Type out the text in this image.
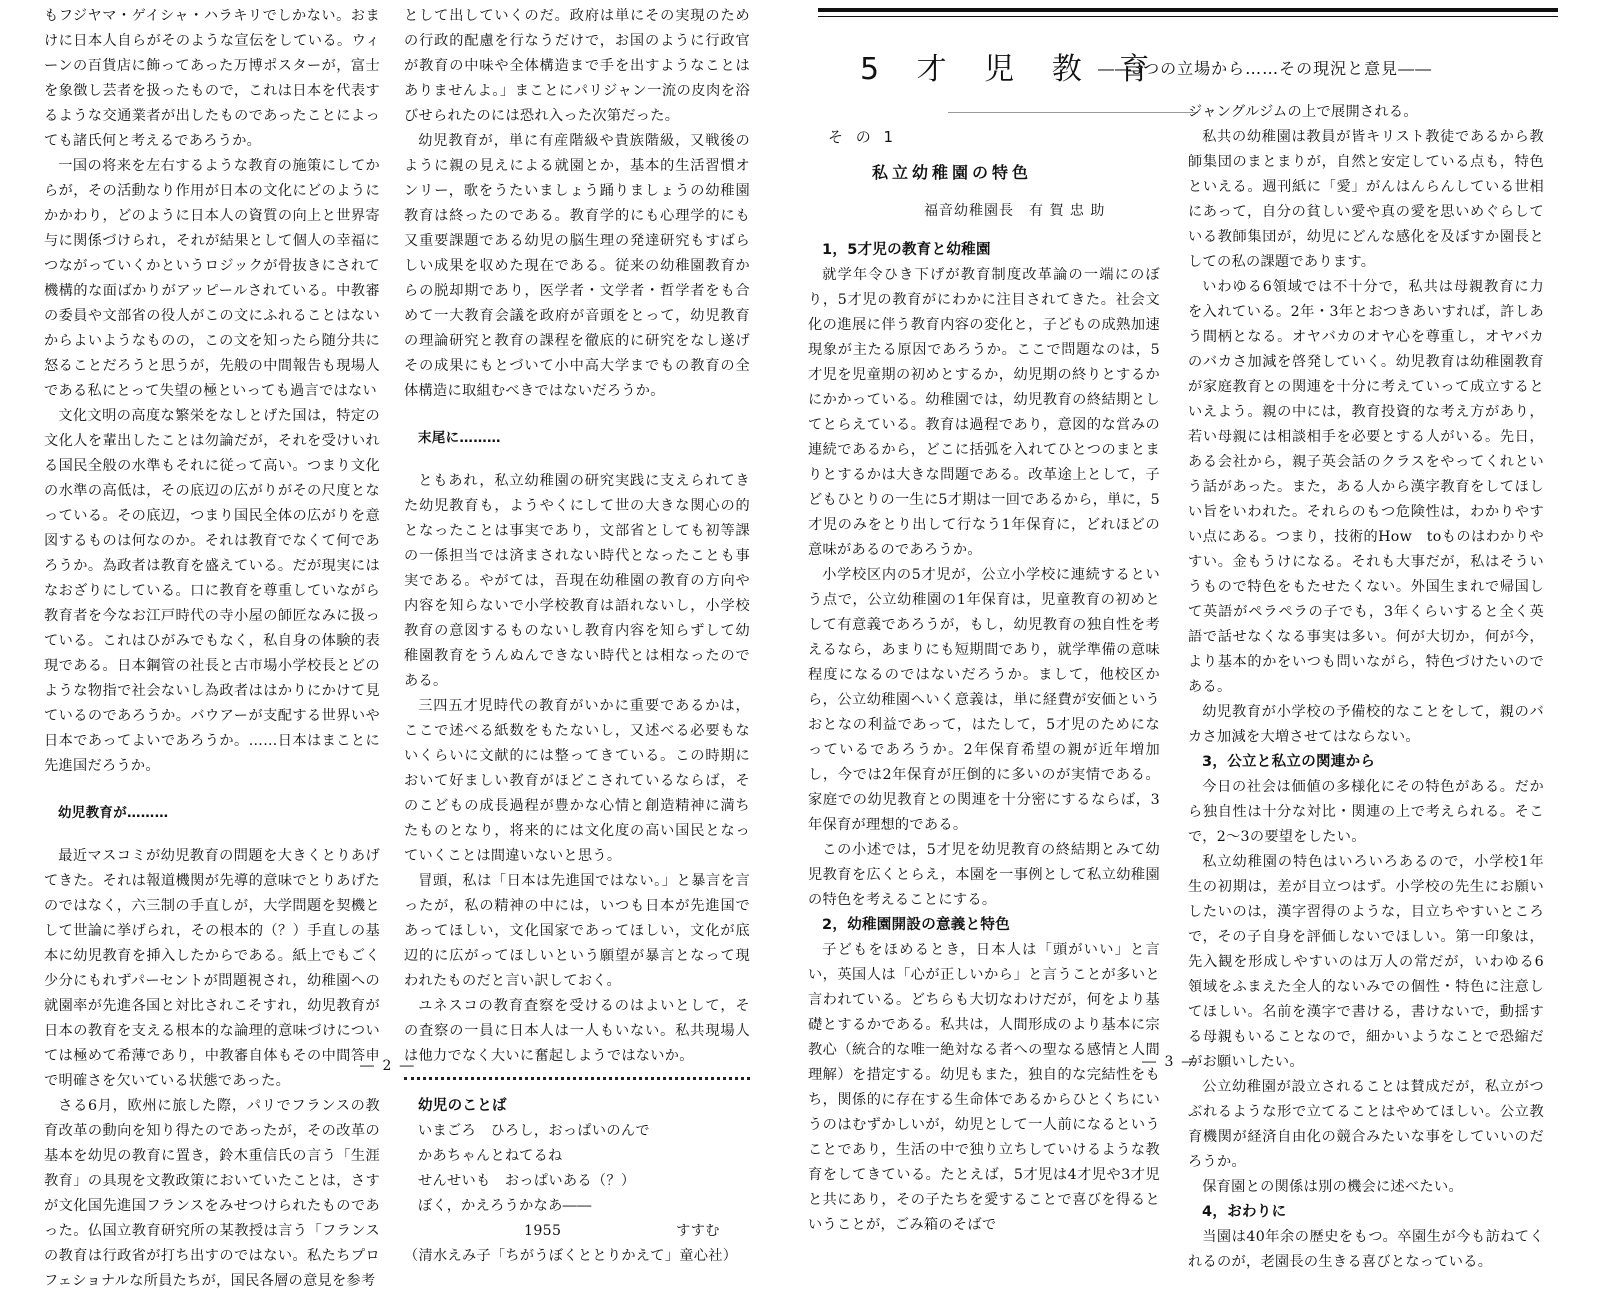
もフジヤマ・ゲイシャ・ハラキリでしかない。おまけに日本人自らがそのような宣伝をしている。ウィーンの百貨店に飾ってあった万博ポスターが，富士を象徴し芸者を扱ったもので，これは日本を代表するような交通業者が出したものであったことによっても諸氏何と考えるであろうか。

一国の将来を左右するような教育の施策にしてからが，その活動なり作用が日本の文化にどのようにかかわり，どのように日本人の資質の向上と世界寄与に関係づけられ，それが結果として個人の幸福につながっていくかというロジックが骨抜きにされて機構的な面ばかりがアッピールされている。中教審の委員や文部省の役人がこの文にふれることはないからよいようなものの，この文を知ったら随分共に怒ることだろうと思うが，先般の中間報告も現場人である私にとって失望の極といっても過言ではない

文化文明の高度な繁栄をなしとげた国は，特定の文化人を輩出したことは勿論だが，それを受けいれる国民全般の水準もそれに従って高い。つまり文化の水準の高低は，その底辺の広がりがその尺度となっている。その底辺，つまり国民全体の広がりを意図するものは何なのか。それは教育でなくて何であろうか。為政者は教育を盛えている。だが現実にはなおざりにしている。口に教育を尊重していながら教育者を今なお江戸時代の寺小屋の師匠なみに扱っている。これはひがみでもなく，私自身の体験的表現である。日本鋼管の社長と古市場小学校長とどのような物指で社会ないし為政者ははかりにかけて見ているのであろうか。バウアーが支配する世界いや日本であってよいであろうか。……日本はまことに先進国だろうか。

幼児教育が………

最近マスコミが幼児教育の問題を大きくとりあげてきた。それは報道機関が先導的意味でとりあげたのではなく，六三制の手直しが，大学問題を契機として世論に挙げられ，その根本的（？）手直しの基本に幼児教育を挿入したからである。紙上でもごく少分にもれずパーセントが問題視され，幼稚園への就園率が先進各国と対比されこそすれ，幼児教育が日本の教育を支える根本的な論理的意味づけについては極めて希薄であり，中教審自体もその中間答申で明確さを欠いている状態であった。

さる6月，欧州に旅した際，パリでフランスの教育改革の動向を知り得たのであったが，その改革の基本を幼児の教育に置き，鈴木重信氏の言う「生涯教育」の具現を文教政策においていたことは，さすが文化国先進国フランスをみせつけられたものであった。仏国立教育研究所の某教授は言う「フランスの教育は行政省が打ち出すのではない。私たちプロフェショナルな所員たちが，国民各層の意見を参考

として出していくのだ。政府は単にその実現のための行政的配慮を行なうだけで，お国のように行政官が教育の中味や全体構造まで手を出すようなことはありませんよ。」まことにパリジャン一流の皮肉を浴びせられたのには恐れ入った次第だった。

幼児教育が，単に有産階級や貴族階級，又戦後のように親の見えによる就園とか，基本的生活習慣オンリー，歌をうたいましょう踊りましょうの幼稚園教育は終ったのである。教育学的にも心理学的にも又重要課題である幼児の脳生理の発達研究もすばらしい成果を収めた現在である。従来の幼稚園教育からの脱却期であり，医学者・文学者・哲学者をも合めて一大教育会議を政府が音頭をとって，幼児教育の理論研究と教育の課程を徹底的に研究をなし遂げその成果にもとづいて小中高大学までもの教育の全体構造に取組むべきではないだろうか。

末尾に………

ともあれ，私立幼稚園の研究実践に支えられてきた幼児教育も，ようやくにして世の大きな関心の的となったことは事実であり，文部省としても初等課の一係担当では済まされない時代となったことも事実である。やがては，吾現在幼稚園の教育の方向や内容を知らないで小学校教育は語れないし，小学校教育の意図するものないし教育内容を知らずして幼稚園教育をうんぬんできない時代とは相なったのである。

三四五才児時代の教育がいかに重要であるかは，ここで述べる紙数をもたないし，又述べる必要もないくらいに文献的には整ってきている。この時期において好ましい教育がほどこされているならば，そのこどもの成長過程が豊かな心情と創造精神に満ちたものとなり，将来的には文化度の高い国民となっていくことは間違いないと思う。

冒頭，私は「日本は先進国ではない。」と暴言を言ったが，私の精神の中には，いつも日本が先進国であってほしい，文化国家であってほしい，文化が底辺的に広がってほしいという願望が暴言となって現われたものだと言い訳しておく。

ユネスコの教育査察を受けるのはよいとして，その査察の一員に日本人は一人もいない。私共現場人は他力でなく大いに奮起しようではないか。

幼児のことば
いまごろ　ひろし，おっぱいのんで
かあちゃんとねてるね
せんせいも　おっぱいある（？）
ぼく，かえろうかなあ――
1955	すすむ
（清水えみ子「ちがうぼくととりかえて」童心社）
― 2 ―
5 才 児 教 育
――3つの立場から……その現況と意見――
そ の 1
私立幼稚園の特色
福音幼稚園長　有 賀 忠 助
1，5才児の教育と幼稚園

就学年令ひき下げが教育制度改革論の一端にのぼり，5才児の教育がにわかに注目されてきた。社会文化の進展に伴う教育内容の変化と，子どもの成熟加速現象が主たる原因であろうか。ここで問題なのは，5才児を児童期の初めとするか，幼児期の終りとするかにかかっている。幼稚園では，幼児教育の終結期としてとらえている。教育は過程であり，意図的な営みの連続であるから，どこに括弧を入れてひとつのまとまりとするかは大きな問題である。改革途上として，子どもひとりの一生に5才期は一回であるから，単に，5才児のみをとり出して行なう1年保育に，どれほどの意味があるのであろうか。

小学校区内の5才児が，公立小学校に連続するという点で，公立幼稚園の1年保育は，児童教育の初めとして有意義であろうが，もし，幼児教育の独自性を考えるなら，あまりにも短期間であり，就学準備の意味程度になるのではないだろうか。まして，他校区から，公立幼稚園へいく意義は，単に経費が安価というおとなの利益であって，はたして，5才児のためになっているであろうか。2年保育希望の親が近年増加し，今では2年保育が圧倒的に多いのが実情である。家庭での幼児教育との関連を十分密にするならば，3年保育が理想的である。

この小述では，5才児を幼児教育の終結期とみて幼児教育を広くとらえ，本園を一事例として私立幼稚園の特色を考えることにする。

2，幼稚園開設の意義と特色

子どもをほめるとき，日本人は「頭がいい」と言い，英国人は「心が正しいから」と言うことが多いと言われている。どちらも大切なわけだが，何をより基礎とするかである。私共は，人間形成のより基本に宗教心（統合的な唯一絶対なる者への聖なる感情と人間理解）を措定する。幼児もまた，独自的な完結性をもち，関係的に存在する生命体であるからひとくちにいうのはむずかしいが，幼児として一人前になるということであり，生活の中で独り立ちしていけるような教育をしてきている。たとえば，5才児は4才児や3才児と共にあり，その子たちを愛することで喜びを得るということが，ごみ箱のそばで

ジャングルジムの上で展開される。

私共の幼稚園は教員が皆キリスト教徒であるから教師集団のまとまりが，自然と安定している点も，特色といえる。週刊紙に「愛」がんはんらんしている世相にあって，自分の貧しい愛や真の愛を思いめぐらしている教師集団が，幼児にどんな感化を及ぼすか園長としての私の課題であります。

いわゆる6領域では不十分で，私共は母親教育に力を入れている。2年・3年とおつきあいすれば，許しあう間柄となる。オヤバカのオヤ心を尊重し，オヤバカのバカさ加減を啓発していく。幼児教育は幼稚園教育が家庭教育との関連を十分に考えていって成立するといえよう。親の中には，教育投資的な考え方があり，若い母親には相談相手を必要とする人がいる。先日，ある会社から，親子英会話のクラスをやってくれという話があった。また，ある人から漢字教育をしてほしい旨をいわれた。それらのもつ危険性は，わかりやすい点にある。つまり，技術的How　toものはわかりやすい。金もうけになる。それも大事だが，私はそういうもので特色をもたせたくない。外国生まれで帰国して英語がペラペラの子でも，3年くらいすると全く英語で話せなくなる事実は多い。何が大切か，何が今，より基本的かをいつも問いながら，特色づけたいのである。

幼児教育が小学校の予備校的なことをして，親のバカさ加減を大増させてはならない。

3，公立と私立の関連から

今日の社会は価値の多様化にその特色がある。だから独自性は十分な対比・関連の上で考えられる。そこで，2～3の要望をしたい。

私立幼稚園の特色はいろいろあるので，小学校1年生の初期は，差が目立つはず。小学校の先生にお願いしたいのは，漢字習得のような，目立ちやすいところで，その子自身を評価しないでほしい。第一印象は，先入観を形成しやすいのは万人の常だが，いわゆる6領域をふまえた全人的ないみでの個性・特色に注意してほしい。名前を漢字で書ける，書けないで，動揺する母親もいることなので，細かいようなことで恐縮だがお願いしたい。

公立幼稚園が設立されることは賛成だが，私立がつぶれるような形で立てることはやめてほしい。公立教育機関が経済自由化の競合みたいな事をしていいのだろうか。

保育園との関係は別の機会に述べたい。

4，おわりに

当園は40年余の歴史をもつ。卒園生が今も訪ねてくれるのが，老園長の生きる喜びとなっている。

― 3 ―
